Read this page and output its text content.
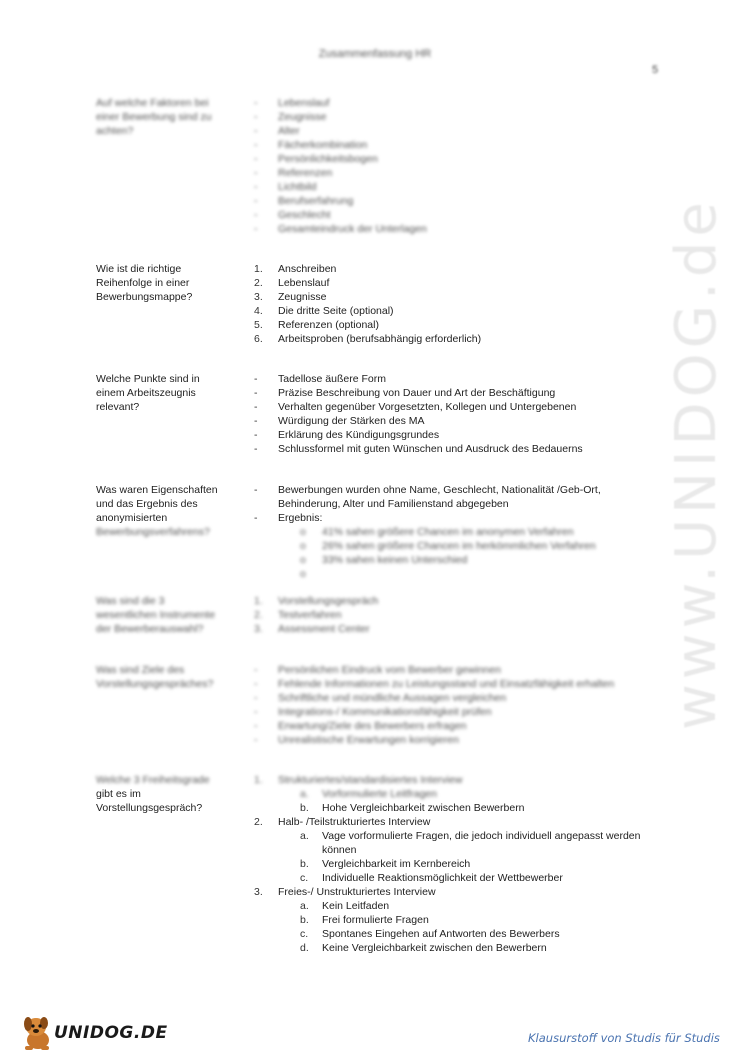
Zusammenfassung HR
5
www.UNIDOG.de
Auf welche Faktoren bei
einer Bewerbung sind zu
achten?
- Lebenslauf
- Zeugnisse
- Alter
- Fächerkombination
- Persönlichkeitsbogen
- Referenzen
- Lichtbild
- Berufserfahrung
- Geschlecht
- Gesamteindruck der Unterlagen
Wie ist die richtige
Reihenfolge in einer
Bewerbungsmappe?
1. Anschreiben
2. Lebenslauf
3. Zeugnisse
4. Die dritte Seite (optional)
5. Referenzen (optional)
6. Arbeitsproben (berufsabhängig erforderlich)
Welche Punkte sind in
einem Arbeitszeugnis
relevant?
- Tadellose äußere Form
- Präzise Beschreibung von Dauer und Art der Beschäftigung
- Verhalten gegenüber Vorgesetzten, Kollegen und Untergebenen
- Würdigung der Stärken des MA
- Erklärung des Kündigungsgrundes
- Schlussformel mit guten Wünschen und Ausdruck des Bedauerns
Was waren Eigenschaften
und das Ergebnis des
anonymisierten
Bewerbungsverfahrens?
- Bewerbungen wurden ohne Name, Geschlecht, Nationalität /Geb-Ort,
Behinderung, Alter und Familienstand abgegeben
- Ergebnis:
o 41% sahen größere Chancen im anonymen Verfahren
o 26% sahen größere Chancen im herkömmlichen Verfahren
o 33% sahen keinen Unterschied
o
Was sind die 3
wesentlichen Instrumente
der Bewerberauswahl?
1. Vorstellungsgespräch
2. Testverfahren
3. Assessment Center
Was sind Ziele des
Vorstellungsgespräches?
- Persönlichen Eindruck vom Bewerber gewinnen
- Fehlende Informationen zu Leistungsstand und Einsatzfähigkeit erhalten
- Schriftliche und mündliche Aussagen vergleichen
- Integrations-/ Kommunikationsfähigkeit prüfen
- Erwartung/Ziele des Bewerbers erfragen
- Unrealistische Erwartungen korrigieren
Welche 3 Freiheitsgrade
gibt es im
Vorstellungsgespräch?
1. Strukturiertes/standardisiertes Interview
a. Vorformulierte Leitfragen
b. Hohe Vergleichbarkeit zwischen Bewerbern
2. Halb- /Teilstrukturiertes Interview
a. Vage vorformulierte Fragen, die jedoch individuell angepasst werden
können
b. Vergleichbarkeit im Kernbereich
c. Individuelle Reaktionsmöglichkeit der Wettbewerber
3. Freies-/ Unstrukturiertes Interview
a. Kein Leitfaden
b. Frei formulierte Fragen
c. Spontanes Eingehen auf Antworten des Bewerbers
d. Keine Vergleichbarkeit zwischen den Bewerbern
UNIDOG.DE	Klausurstoff von Studis für Studis
